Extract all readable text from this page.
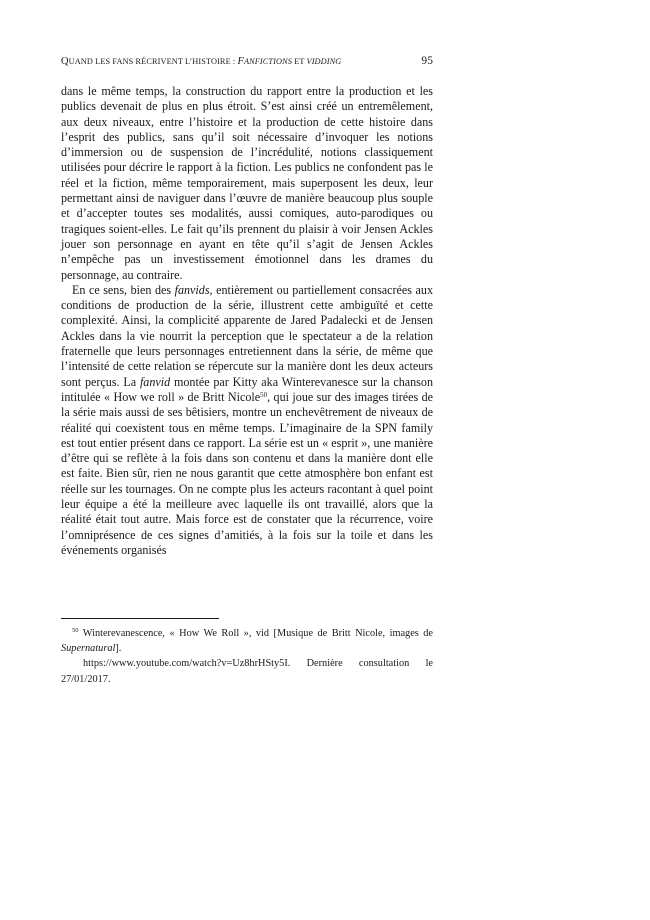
QUAND LES FANS RÉCRIVENT L’HISTOIRE : FANFICTIONS ET VIDDING	95

dans le même temps, la construction du rapport entre la production et les publics devenait de plus en plus étroit. S’est ainsi créé un entremêlement, aux deux niveaux, entre l’histoire et la production de cette histoire dans l’esprit des publics, sans qu’il soit nécessaire d’invoquer les notions d’immersion ou de suspension de l’incrédulité, notions classiquement utilisées pour décrire le rapport à la fiction. Les publics ne confondent pas le réel et la fiction, même temporairement, mais superposent les deux, leur permettant ainsi de naviguer dans l’œuvre de manière beaucoup plus souple et d’accepter toutes ses modalités, aussi comiques, auto-parodiques ou tragiques soient-elles. Le fait qu’ils prennent du plaisir à voir Jensen Ackles jouer son personnage en ayant en tête qu’il s’agit de Jensen Ackles n’empêche pas un investissement émotionnel dans les drames du personnage, au contraire.

En ce sens, bien des fanvids, entièrement ou partiellement consacrées aux conditions de production de la série, illustrent cette ambiguïté et cette complexité. Ainsi, la complicité apparente de Jared Padalecki et de Jensen Ackles dans la vie nourrit la perception que le spectateur a de la relation fraternelle que leurs personnages entretiennent dans la série, de même que l’intensité de cette relation se répercute sur la manière dont les deux acteurs sont perçus. La fanvid montée par Kitty aka Winterevanesce sur la chanson intitulée « How we roll » de Britt Nicole$^{50}$, qui joue sur des images tirées de la série mais aussi de ses bêtisiers, montre un enchevêtrement de niveaux de réalité qui coexistent tous en même temps. L’imaginaire de la SPN family est tout entier présent dans ce rapport. La série est un « esprit », une manière d’être qui se reflète à la fois dans son contenu et dans la manière dont elle est faite. Bien sûr, rien ne nous garantit que cette atmosphère bon enfant est réelle sur les tournages. On ne compte plus les acteurs racontant à quel point leur équipe a été la meilleure avec laquelle ils ont travaillé, alors que la réalité était tout autre. Mais force est de constater que la récurrence, voire l’omniprésence de ces signes d’amitiés, à la fois sur la toile et dans les événements organisés

$^{50}$ Winterevanescence, « How We Roll », vid [Musique de Britt Nicole, images de Supernatural].

https://www.youtube.com/watch?v=Uz8hrHSty5I. Dernière consultation le

27/01/2017.
